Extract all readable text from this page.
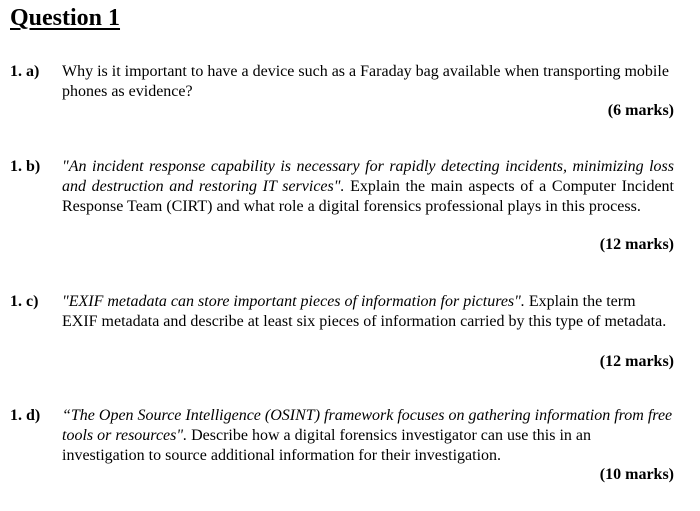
Question 1
1. a) Why is it important to have a device such as a Faraday bag available when transporting mobile phones as evidence?
(6 marks)
1. b) "An incident response capability is necessary for rapidly detecting incidents, minimizing loss and destruction and restoring IT services". Explain the main aspects of a Computer Incident Response Team (CIRT) and what role a digital forensics professional plays in this process.
(12 marks)
1. c) "EXIF metadata can store important pieces of information for pictures". Explain the term EXIF metadata and describe at least six pieces of information carried by this type of metadata.
(12 marks)
1. d) “The Open Source Intelligence (OSINT) framework focuses on gathering information from free tools or resources". Describe how a digital forensics investigator can use this in an investigation to source additional information for their investigation.
(10 marks)
